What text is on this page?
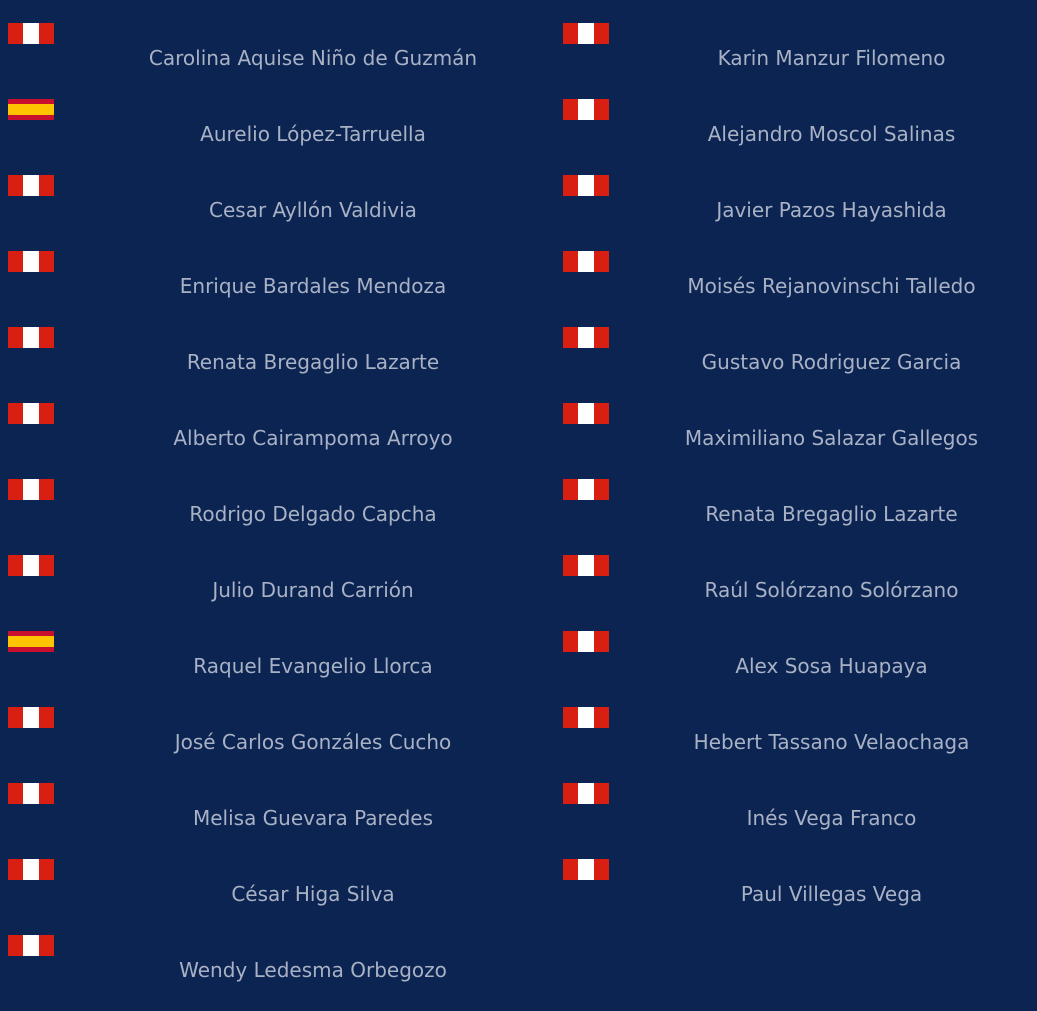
Carolina Aquise Niño de Guzmán
Aurelio López-Tarruella
Cesar Ayllón Valdivia
Enrique Bardales Mendoza
Renata Bregaglio Lazarte
Alberto Cairampoma Arroyo
Rodrigo Delgado Capcha
Julio Durand Carrión
Raquel Evangelio Llorca
José Carlos Gonzáles Cucho
Melisa Guevara Paredes
César Higa Silva
Wendy Ledesma Orbegozo
Karin Manzur Filomeno
Alejandro Moscol Salinas
Javier Pazos Hayashida
Moisés Rejanovinschi Talledo
Gustavo Rodriguez Garcia
Maximiliano Salazar Gallegos
Renata Bregaglio Lazarte
Raúl Solórzano Solórzano
Alex Sosa Huapaya
Hebert Tassano Velaochaga
Inés Vega Franco
Paul Villegas Vega
